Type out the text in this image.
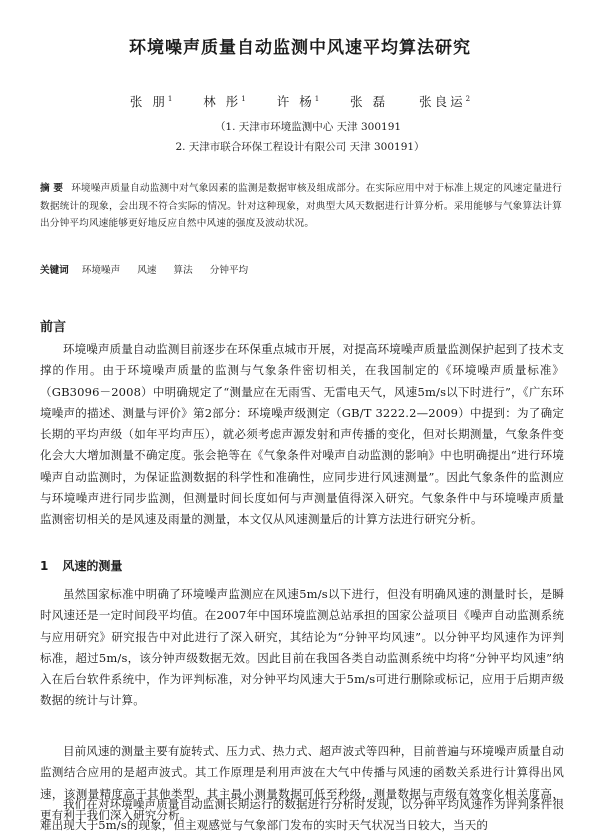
环境噪声质量自动监测中风速平均算法研究
张 朋$^1$ 林 彤$^1$ 许 杨$^1$ 张 磊 张良运$^2$
（1. 天津市环境监测中心 天津 300191
2. 天津市联合环保工程设计有限公司 天津 300191）
摘 要 环境噪声质量自动监测中对气象因素的监测是数据审核及组成部分。在实际应用中对于标准上规定的风速定量进行数据统计的现象，会出现不符合实际的情况。针对这种现象，对典型大风天数据进行计算分析。采用能够与气象算法计算出分钟平均风速能够更好地反应自然中风速的强度及波动状况。
关键词 环境噪声 风速 算法 分钟平均
前言
环境噪声质量自动监测目前逐步在环保重点城市开展，对提高环境噪声质量监测保护起到了技术支撑的作用。由于环境噪声质量的监测与气象条件密切相关，在我国制定的《环境噪声质量标准》（GB3096－2008）中明确规定了“测量应在无雨雪、无雷电天气，风速5m/s以下时进行”，《广东环境噪声的描述、测量与评价》第2部分：环境噪声级测定（GB/T 3222.2—2009）中提到：为了确定长期的平均声级（如年平均声压），就必须考虑声源发射和声传播的变化，但对长期测量，气象条件变化会大大增加测量不确定度。张会艳等在《气象条件对噪声自动监测的影响》中也明确提出“进行环境噪声自动监测时，为保证监测数据的科学性和准确性，应同步进行风速测量”。因此气象条件的监测应与环境噪声进行同步监测，但测量时间长度如何与声测量值得深入研究。气象条件中与环境噪声质量监测密切相关的是风速及雨量的测量，本文仅从风速测量后的计算方法进行研究分析。
1 风速的测量
虽然国家标准中明确了环境噪声监测应在风速5m/s以下进行，但没有明确风速的测量时长，是瞬时风速还是一定时间段平均值。在2007年中国环境监测总站承担的国家公益项目《噪声自动监测系统与应用研究》研究报告中对此进行了深入研究，其结论为“分钟平均风速”。以分钟平均风速作为评判标准，超过5m/s，该分钟声级数据无效。因此目前在我国各类自动监测系统中均将“分钟平均风速”纳入在后台软件系统中，作为评判标准，对分钟平均风速大于5m/s可进行删除或标记，应用于后期声级数据的统计与计算。
目前风速的测量主要有旋转式、压力式、热力式、超声波式等四种，目前普遍与环境噪声质量自动监测结合应用的是超声波式。其工作原理是利用声波在大气中传播与风速的函数关系进行计算得出风速，该测量精度高于其他类型，其主最小测量数据可低至秒级，测量数据与声级有效变化相关度高，更有利于我们深入研究分析。
我们在对环境噪声质量自动监测长期运行的数据进行分析时发现，以分钟平均风速作为评判条件很难出现大于5m/s的现象，但主观感觉与气象部门发布的实时天气状况当日较大，当天的
